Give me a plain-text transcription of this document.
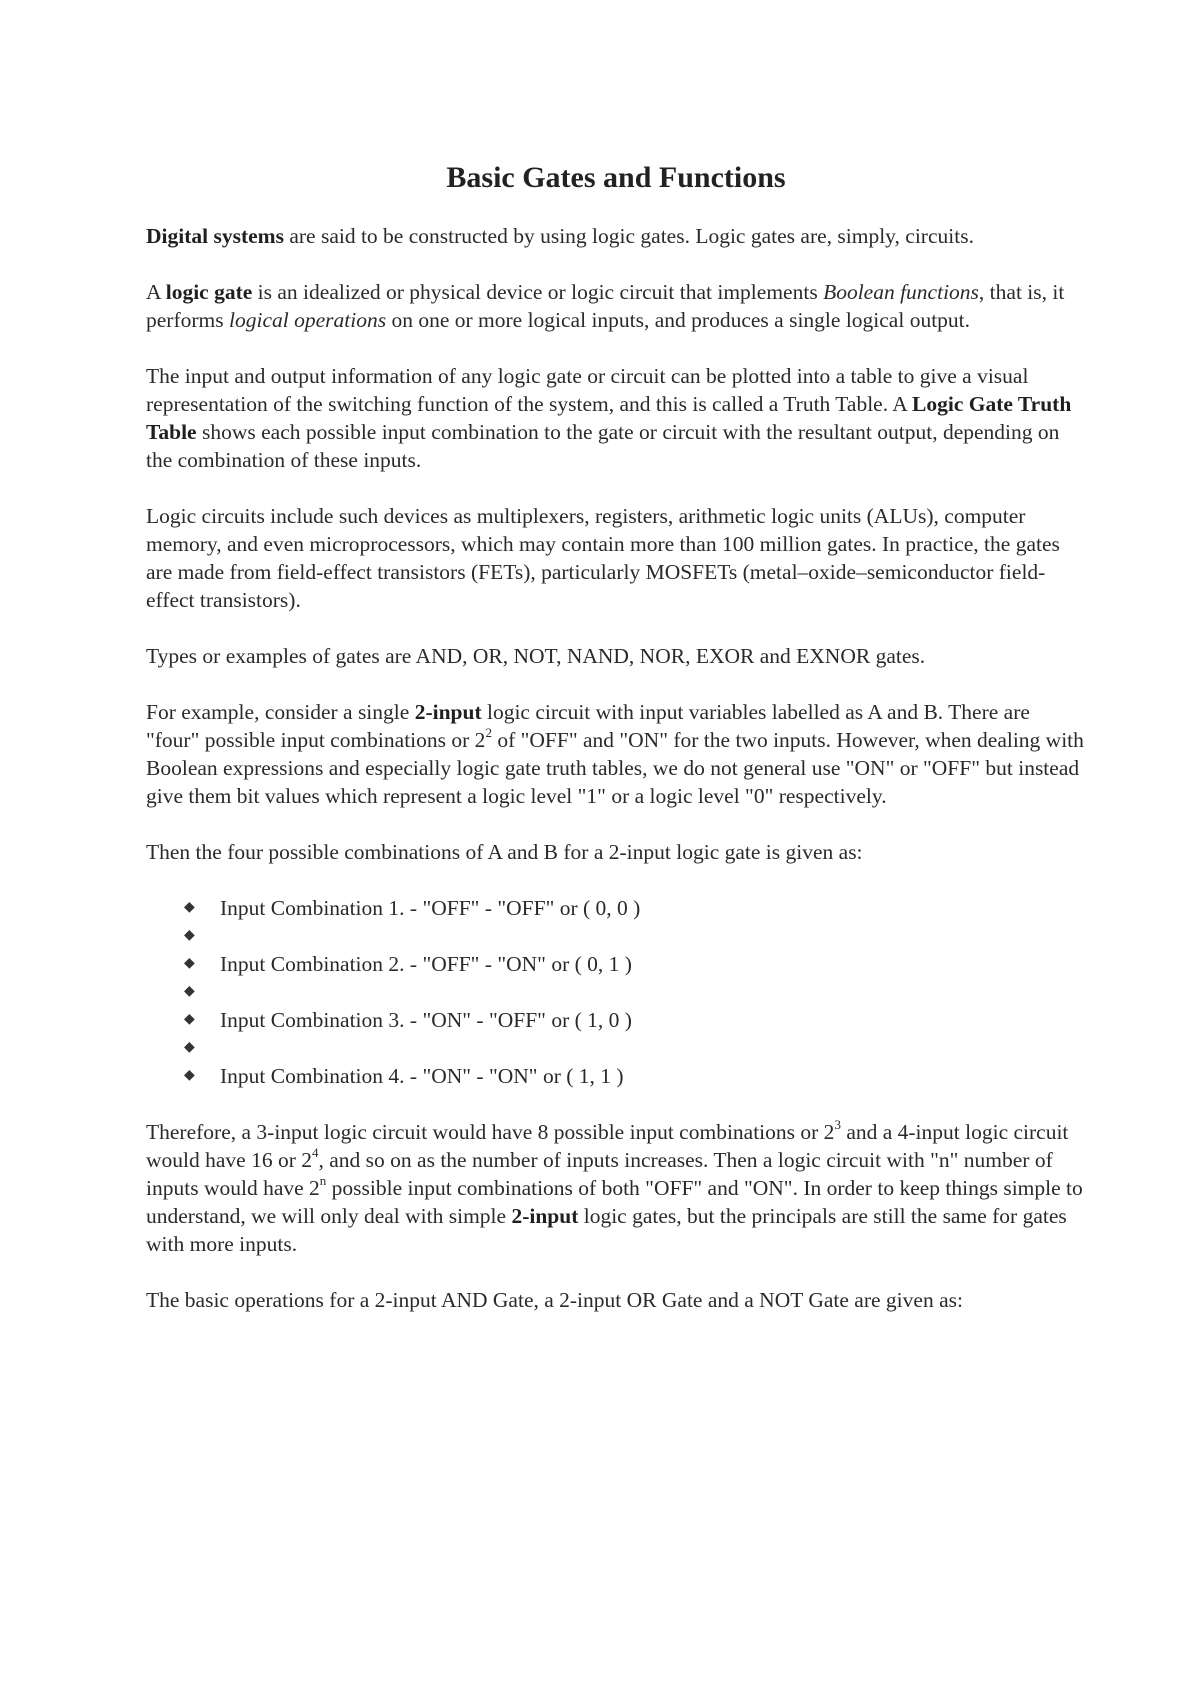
Basic Gates and Functions

Digital systems are said to be constructed by using logic gates. Logic gates are, simply, circuits.

A logic gate is an idealized or physical device or logic circuit that implements Boolean functions, that is, it performs logical operations on one or more logical inputs, and produces a single logical output.

The input and output information of any logic gate or circuit can be plotted into a table to give a visual representation of the switching function of the system, and this is called a Truth Table. A Logic Gate Truth Table shows each possible input combination to the gate or circuit with the resultant output, depending on the combination of these inputs.

Logic circuits include such devices as multiplexers, registers, arithmetic logic units (ALUs), computer memory, and even microprocessors, which may contain more than 100 million gates. In practice, the gates are made from field-effect transistors (FETs), particularly MOSFETs (metal–oxide–semiconductor field-effect transistors).

Types or examples of gates are AND, OR, NOT, NAND, NOR, EXOR and EXNOR gates.

For example, consider a single 2-input logic circuit with input variables labelled as A and B. There are "four" possible input combinations or $2^2$ of "OFF" and "ON" for the two inputs. However, when dealing with Boolean expressions and especially logic gate truth tables, we do not general use "ON" or "OFF" but instead give them bit values which represent a logic level "1" or a logic level "0" respectively.

Then the four possible combinations of A and B for a 2-input logic gate is given as:

◆ Input Combination 1. - "OFF" - "OFF" or ( 0, 0 )
◆
◆ Input Combination 2. - "OFF" - "ON" or ( 0, 1 )
◆
◆ Input Combination 3. - "ON" - "OFF" or ( 1, 0 )
◆
◆ Input Combination 4. - "ON" - "ON" or ( 1, 1 )

Therefore, a 3-input logic circuit would have 8 possible input combinations or $2^3$ and a 4-input logic circuit would have 16 or $2^4$, and so on as the number of inputs increases. Then a logic circuit with "n" number of inputs would have 2$^n$ possible input combinations of both "OFF" and "ON". In order to keep things simple to understand, we will only deal with simple 2-input logic gates, but the principals are still the same for gates with more inputs.

The basic operations for a 2-input AND Gate, a 2-input OR Gate and a NOT Gate are given as:
